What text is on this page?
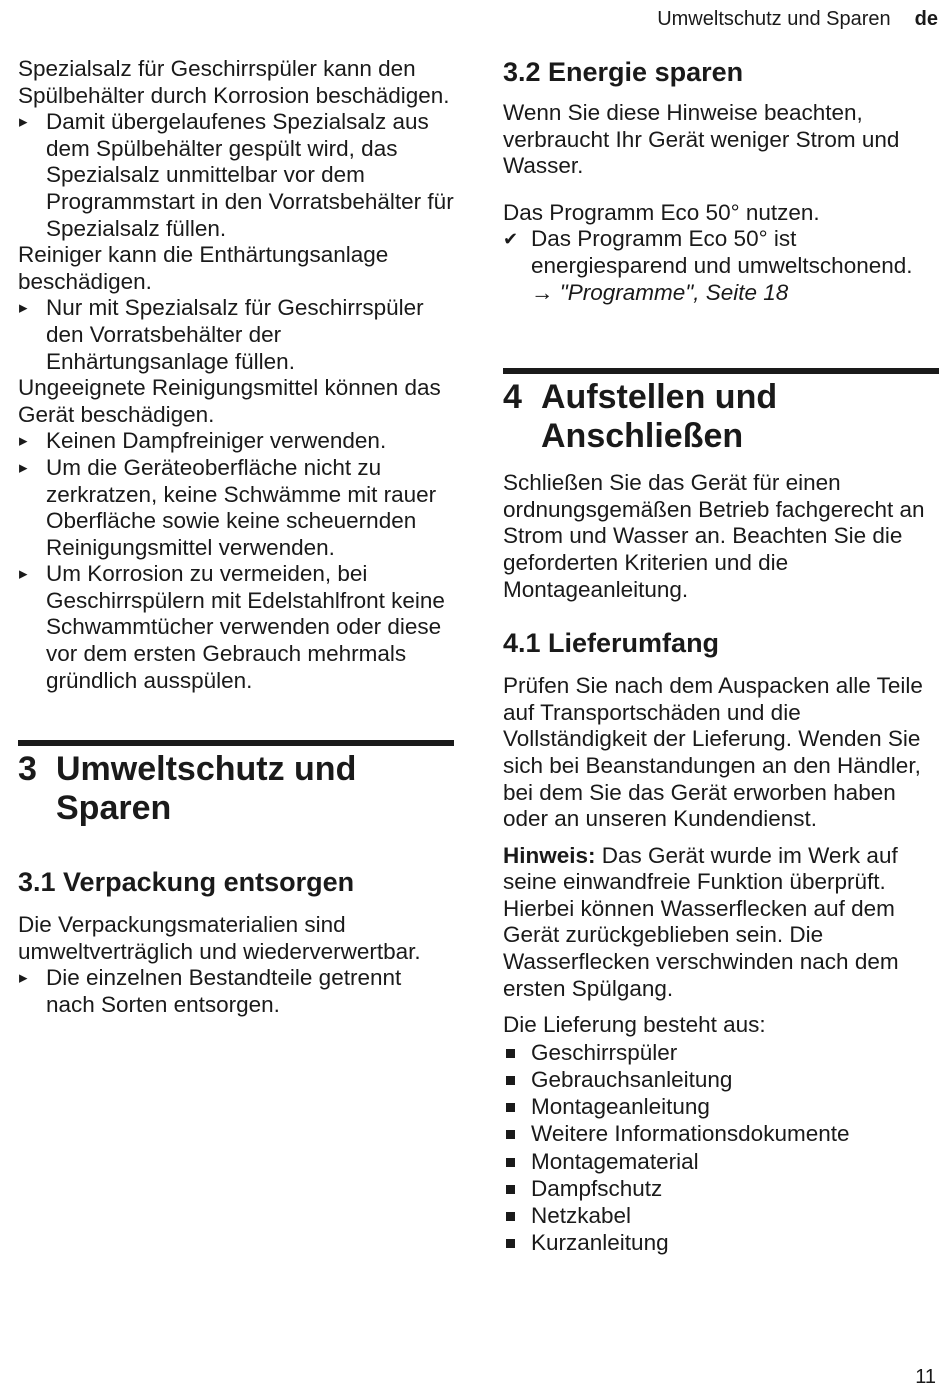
Umweltschutz und Sparen de

Spezialsalz für Geschirrspüler kann den Spülbehälter durch Korrosion beschädigen.

▸ Damit übergelaufenes Spezialsalz aus dem Spülbehälter gespült wird, das Spezialsalz unmittelbar vor dem Programmstart in den Vorratsbehälter für Spezialsalz füllen.

Reiniger kann die Enthärtungsanlage beschädigen.

▸ Nur mit Spezialsalz für Geschirrspüler den Vorratsbehälter der Enhärtungsanlage füllen.

Ungeeignete Reinigungsmittel können das Gerät beschädigen.

▸ Keinen Dampfreiniger verwenden.

▸ Um die Geräteoberfläche nicht zu zerkratzen, keine Schwämme mit rauer Oberfläche sowie keine scheuernden Reinigungsmittel verwenden.

▸ Um Korrosion zu vermeiden, bei Geschirrspülern mit Edelstahlfront keine Schwammtücher verwenden oder diese vor dem ersten Gebrauch mehrmals gründlich ausspülen.

3 Umweltschutz und Sparen
3.1 Verpackung entsorgen

Die Verpackungsmaterialien sind umweltverträglich und wiederverwertbar.

▸ Die einzelnen Bestandteile getrennt nach Sorten entsorgen.

3.2 Energie sparen

Wenn Sie diese Hinweise beachten, verbraucht Ihr Gerät weniger Strom und Wasser.

Das Programm Eco 50° nutzen.

✔ Das Programm Eco 50° ist energiesparend und umweltschonend.
→ "Programme", Seite 18
4 Aufstellen und Anschließen

Schließen Sie das Gerät für einen ordnungsgemäßen Betrieb fachgerecht an Strom und Wasser an. Beachten Sie die geforderten Kriterien und die Montageanleitung.

4.1 Lieferumfang

Prüfen Sie nach dem Auspacken alle Teile auf Transportschäden und die Vollständigkeit der Lieferung. Wenden Sie sich bei Beanstandungen an den Händler, bei dem Sie das Gerät erworben haben oder an unseren Kundendienst.

Hinweis: Das Gerät wurde im Werk auf seine einwandfreie Funktion überprüft. Hierbei können Wasserflecken auf dem Gerät zurückgeblieben sein. Die Wasserflecken verschwinden nach dem ersten Spülgang.

Die Lieferung besteht aus:

Geschirrspüler

Gebrauchsanleitung

Montageanleitung

Weitere Informationsdokumente

Montagematerial

Dampfschutz

Netzkabel

Kurzanleitung

11
